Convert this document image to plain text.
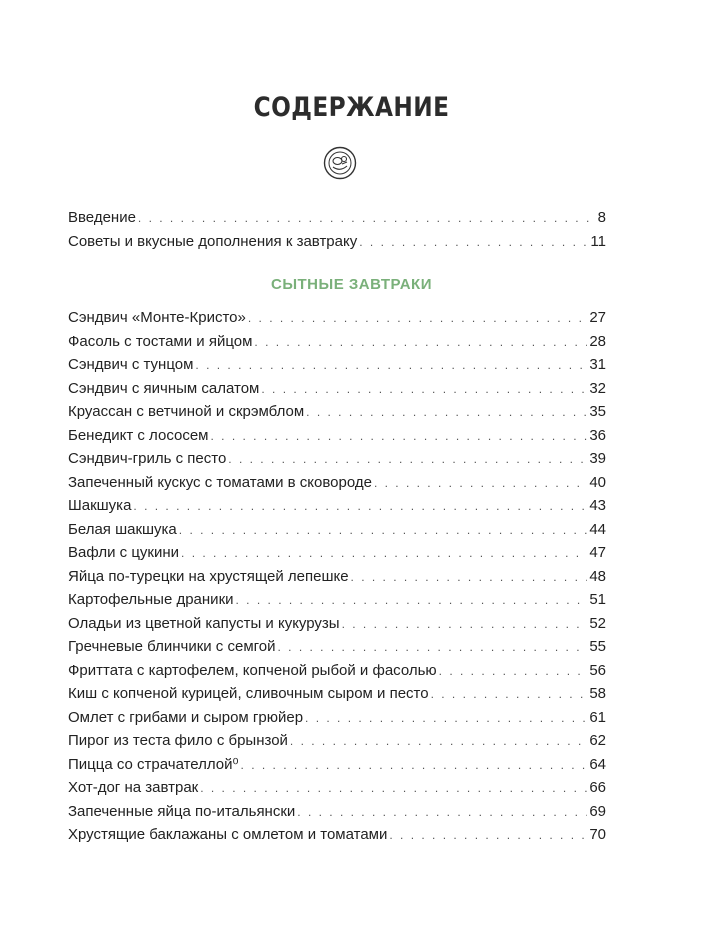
СОДЕРЖАНИЕ
Введение . . .	8
Советы и вкусные дополнения к завтраку . . .	11
СЫТНЫЕ ЗАВТРАКИ
Сэндвич «Монте-Кристо» . . .	27
Фасоль с тостами и яйцом . . .	28
Сэндвич с тунцом . . .	31
Сэндвич с яичным салатом . . .	32
Круассан с ветчиной и скрэмблом . . .	35
Бенедикт с лососем . . .	36
Сэндвич-гриль с песто . . .	39
Запеченный кускус с томатами в сковороде . . .	40
Шакшука . . .	43
Белая шакшука . . .	44
Вафли с цукини . . .	47
Яйца по-турецки на хрустящей лепешке . . .	48
Картофельные драники . . .	51
Оладьи из цветной капусты и кукурузы . . .	52
Гречневые блинчики с семгой . . .	55
Фриттата с картофелем, копченой рыбой и фасолью . . .	56
Киш с копченой курицей, сливочным сыром и песто . . .	58
Омлет с грибами и сыром грюйер . . .	61
Пирог из теста фило с брынзой . . .	62
Пицца со страчателлой⁰ . . .	64
Хот-дог на завтрак . . .	66
Запеченные яйца по-итальянски . . .	69
Хрустящие баклажаны с омлетом и томатами . . .	70
